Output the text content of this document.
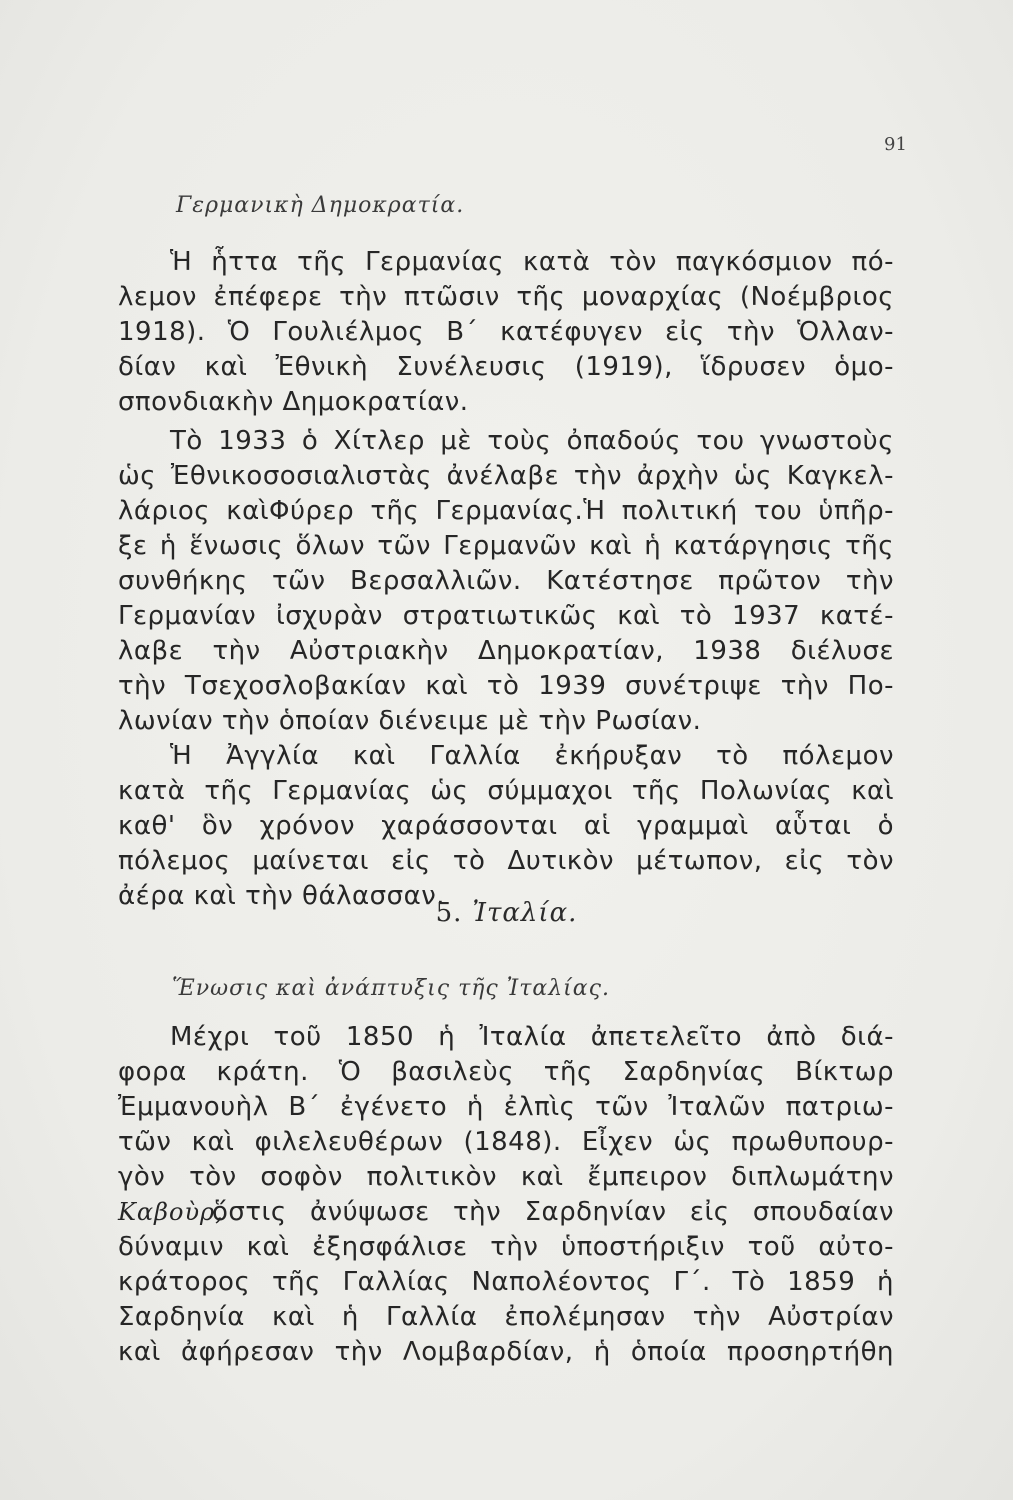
91
Γερμανικὴ Δημοκρατία.
Ἡ ἧττα τῆς Γερμανίας κατὰ τὸν παγκόσμιον πό-
λεμον ἐπέφερε τὴν πτῶσιν τῆς μοναρχίας (Νοέμβριος
1918). Ὁ Γουλιέλμος Β΄ κατέφυγεν εἰς τὴν Ὁλλαν-
δίαν καὶ Ἐθνικὴ Συνέλευσις (1919), ἵδρυσεν ὁμο-
σπονδιακὴν Δημοκρατίαν.
Τὸ 1933 ὁ Χίτλερ μὲ τοὺς ὀπαδούς του γνωστοὺς
ὡς Ἐθνικοσοσιαλιστὰς ἀνέλαβε τὴν ἀρχὴν ὡς Καγκελ-
λάριος καὶΦύρερ τῆς Γερμανίας.Ἡ πολιτική του ὑπῆρ-
ξε ἡ ἕνωσις ὅλων τῶν Γερμανῶν καὶ ἡ κατάργησις τῆς
συνθήκης τῶν Βερσαλλιῶν. Κατέστησε πρῶτον τὴν
Γερμανίαν ἰσχυρὰν στρατιωτικῶς καὶ τὸ 1937 κατέ-
λαβε τὴν Αὐστριακὴν Δημοκρατίαν, 1938 διέλυσε
τὴν Τσεχοσλοβακίαν καὶ τὸ 1939 συνέτριψε τὴν Πο-
λωνίαν τὴν ὁποίαν διένειμε μὲ τὴν Ρωσίαν.
Ἡ Ἀγγλία καὶ Γαλλία ἐκήρυξαν τὸ πόλεμον
κατὰ τῆς Γερμανίας ὡς σύμμαχοι τῆς Πολωνίας καὶ
καθ' ὃν χρόνον χαράσσονται αἱ γραμμαὶ αὗται ὁ
πόλεμος μαίνεται εἰς τὸ Δυτικὸν μέτωπον, εἰς τὸν
ἀέρα καὶ τὴν θάλασσαν.
5. Ἰταλία.
Ἕνωσις καὶ ἀνάπτυξις τῆς Ἰταλίας.
Μέχρι τοῦ 1850 ἡ Ἰταλία ἀπετελεῖτο ἀπὸ διά-
φορα κράτη. Ὁ βασιλεὺς τῆς Σαρδηνίας Βίκτωρ
Ἐμμανουὴλ Β΄ ἐγένετο ἡ ἐλπὶς τῶν Ἰταλῶν πατριω-
τῶν καὶ φιλελευθέρων (1848). Εἶχεν ὡς πρωθυπουρ-
γὸν τὸν σοφὸν πολιτικὸν καὶ ἔμπειρον διπλωμάτην
ὅστις ἀνύψωσε τὴν Σαρδηνίαν εἰς σπουδαίαν
Καβοὺρ,
δύναμιν καὶ ἐξησφάλισε τὴν ὑποστήριξιν τοῦ αὐτο-
κράτορος τῆς Γαλλίας Ναπολέοντος Γ΄. Τὸ 1859 ἡ
Σαρδηνία καὶ ἡ Γαλλία ἐπολέμησαν τὴν Αὐστρίαν
καὶ ἀφήρεσαν τὴν Λομβαρδίαν, ἡ ὁποία προσηρτήθη
